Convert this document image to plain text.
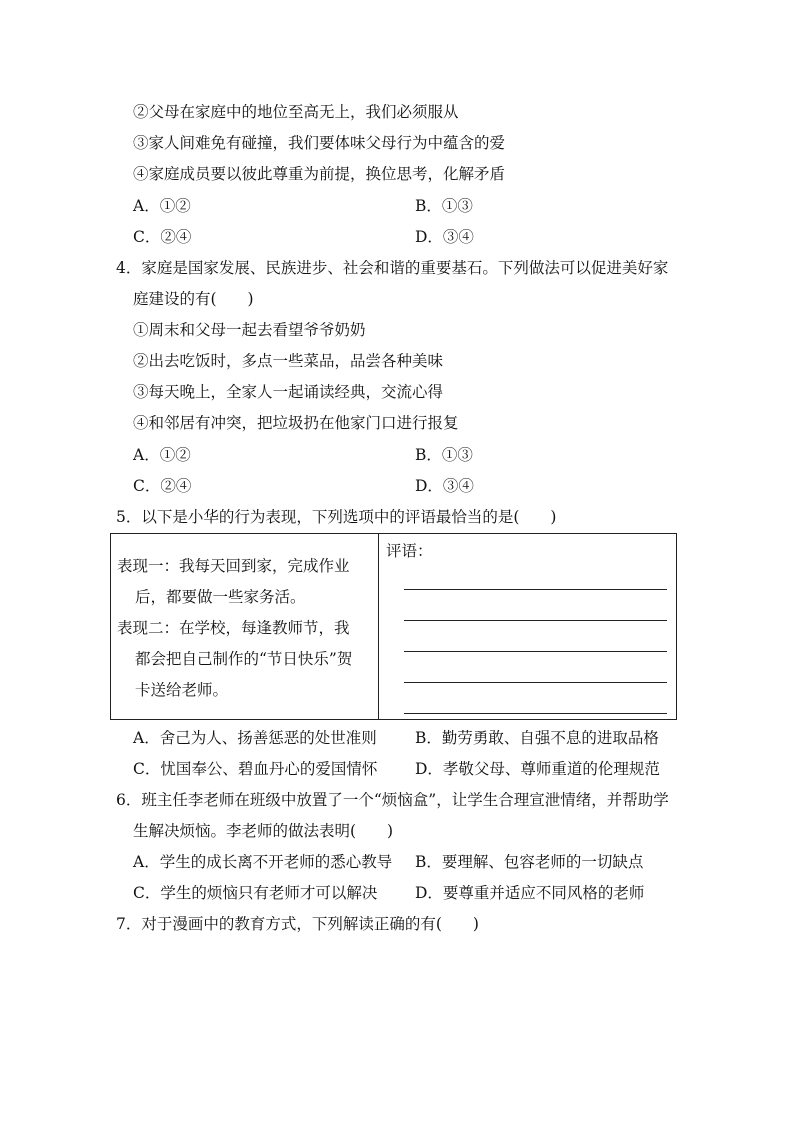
②父母在家庭中的地位至高无上，我们必须服从
③家人间难免有碰撞，我们要体味父母行为中蕴含的爱
④家庭成员要以彼此尊重为前提，换位思考，化解矛盾
A．①②	B．①③
C．②④	D．③④
4．家庭是国家发展、民族进步、社会和谐的重要基石。下列做法可以促进美好家
庭建设的有(　　)
①周末和父母一起去看望爷爷奶奶
②出去吃饭时，多点一些菜品，品尝各种美味
③每天晚上，全家人一起诵读经典，交流心得
④和邻居有冲突，把垃圾扔在他家门口进行报复
A．①②	B．①③
C．②④	D．③④
5．以下是小华的行为表现，下列选项中的评语最恰当的是(　　)
表现一：我每天回到家，完成作业
后，都要做一些家务活。
表现二：在学校，每逢教师节，我
都会把自己制作的“节日快乐”贺
卡送给老师。
评语：
A．舍己为人、扬善惩恶的处世准则 B．勤劳勇敢、自强不息的进取品格
C．忧国奉公、碧血丹心的爱国情怀 D．孝敬父母、尊师重道的伦理规范
6．班主任李老师在班级中放置了一个“烦恼盒”，让学生合理宣泄情绪，并帮助学
生解决烦恼。李老师的做法表明(　　)
A．学生的成长离不开老师的悉心教导 B．要理解、包容老师的一切缺点
C．学生的烦恼只有老师才可以解决 D．要尊重并适应不同风格的老师
7．对于漫画中的教育方式，下列解读正确的有(　　)
